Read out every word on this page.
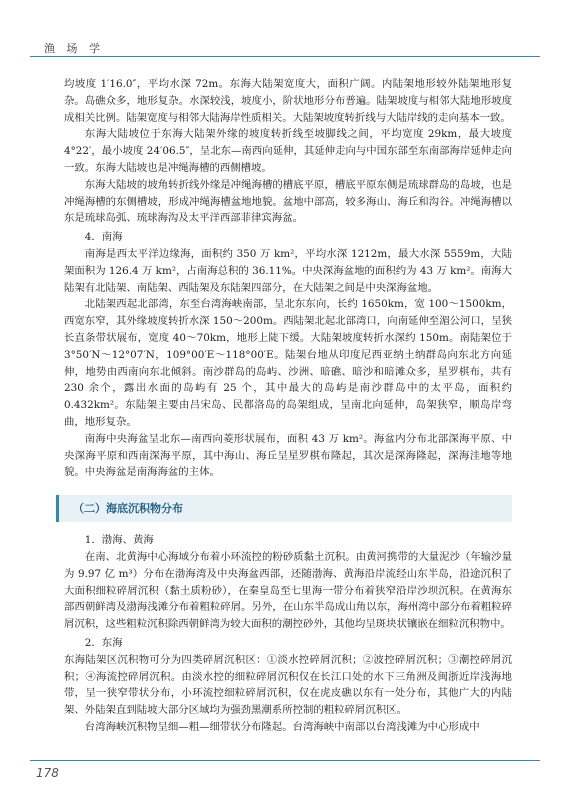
渔 场 学

均坡度 1′16.0″，平均水深 72m。东海大陆架宽度大，面积广阔。内陆架地形较外陆架地形复杂。岛礁众多，地形复杂。水深较浅，坡度小，阶状地形分布普遍。陆架坡度与相邻大陆地形坡度成相关比例。陆架宽度与相邻大陆海岸性质相关。大陆架坡度转折线与大陆岸线的走向基本一致。

东海大陆坡位于东海大陆架外缘的坡度转折线至坡脚线之间，平均宽度 29km，最大坡度 4°22′，最小坡度 24′06.5″，呈北东—南西向延伸，其延伸走向与中国东部至东南部海岸延伸走向一致。东海大陆坡也是冲绳海槽的西侧槽坡。

东海大陆坡的坡角转折线外缘是冲绳海槽的槽底平原，槽底平原东侧是琉球群岛的岛坡，也是冲绳海槽的东侧槽坡，形成冲绳海槽盆地地貌。盆地中部高，较多海山、海丘和沟谷。冲绳海槽以东是琉球岛弧、琉球海沟及太平洋西部菲律宾海盆。

4．南海

南海是西太平洋边缘海，面积约 350 万 km²，平均水深 1212m，最大水深 5559m，大陆架面积为 126.4 万 km²，占南海总积的 36.11%。中央深海盆地的面积约为 43 万 km²。南海大陆架有北陆架、南陆架、西陆架及东陆架四部分，在大陆架之间是中央深海盆地。

北陆架西起北部湾，东至台湾海峡南部，呈北东东向，长约 1650km，宽 100～1500km，西宽东窄，其外缘坡度转折水深 150～200m。西陆架北起北部湾口，向南延伸至湄公河口，呈狭长直条带状展布，宽度 40～70km，地形上陡下缓。大陆架坡度转折水深约 150m。南陆架位于 3°50′N～12°07′N，109°00′E～118°00′E。陆架台地从印度尼西亚纳土纳群岛向东北方向延伸，地势由西南向东北倾斜。南沙群岛的岛屿、沙洲、暗礁、暗沙和暗滩众多，星罗棋布，共有 230 余个，露出水面的岛屿有 25 个，其中最大的岛屿是南沙群岛中的太平岛，面积约 0.432km²。东陆架主要由吕宋岛、民都洛岛的岛架组成，呈南北向延伸，岛架狭窄，顺岛岸弯曲，地形复杂。

南海中央海盆呈北东—南西向菱形状展布，面积 43 万 km²。海盆内分布北部深海平原、中央深海平原和西南深海平原，其中海山、海丘呈星罗棋布隆起，其次是深海隆起，深海洼地等地貌。中央海盆是南海海盆的主体。

（二）海底沉积物分布

1．渤海、黄海

在南、北黄海中心海域分布着小环流控的粉砂质黏土沉积。由黄河携带的大量泥沙（年输沙量为 9.97 亿 m³）分布在渤海湾及中央海盆西部，还随渤海、黄海沿岸流经山东半岛，沿途沉积了大面积细粒碎屑沉积（黏土质粉砂），在秦皇岛至七里海一带分布着狭窄沿岸沙坝沉积。在黄海东部西朝鲜湾及渤海浅滩分布着粗粒碎屑。另外，在山东半岛成山角以东，海州湾中部分布着粗粒碎屑沉积，这些粗粒沉积除西朝鲜湾为较大面积的潮控砂外，其他均呈斑块状镶嵌在细粒沉积物中。

2．东海

东海陆架区沉积物可分为四类碎屑沉积区：①淡水控碎屑沉积；②波控碎屑沉积；③潮控碎屑沉积；④海流控碎屑沉积。由淡水控的细粒碎屑沉积仅在长江口处的水下三角洲及闽浙近岸浅海地带，呈一狭窄带状分布，小环流控细粒碎屑沉积，仅在虎皮礁以东有一处分布，其他广大的内陆架、外陆架直到陆坡大部分区域均为强劲黑潮系所控制的粗粒碎屑沉积区。

台湾海峡沉积物呈细—粗—细带状分布隆起。台湾海峡中南部以台湾浅滩为中心形成中

178
